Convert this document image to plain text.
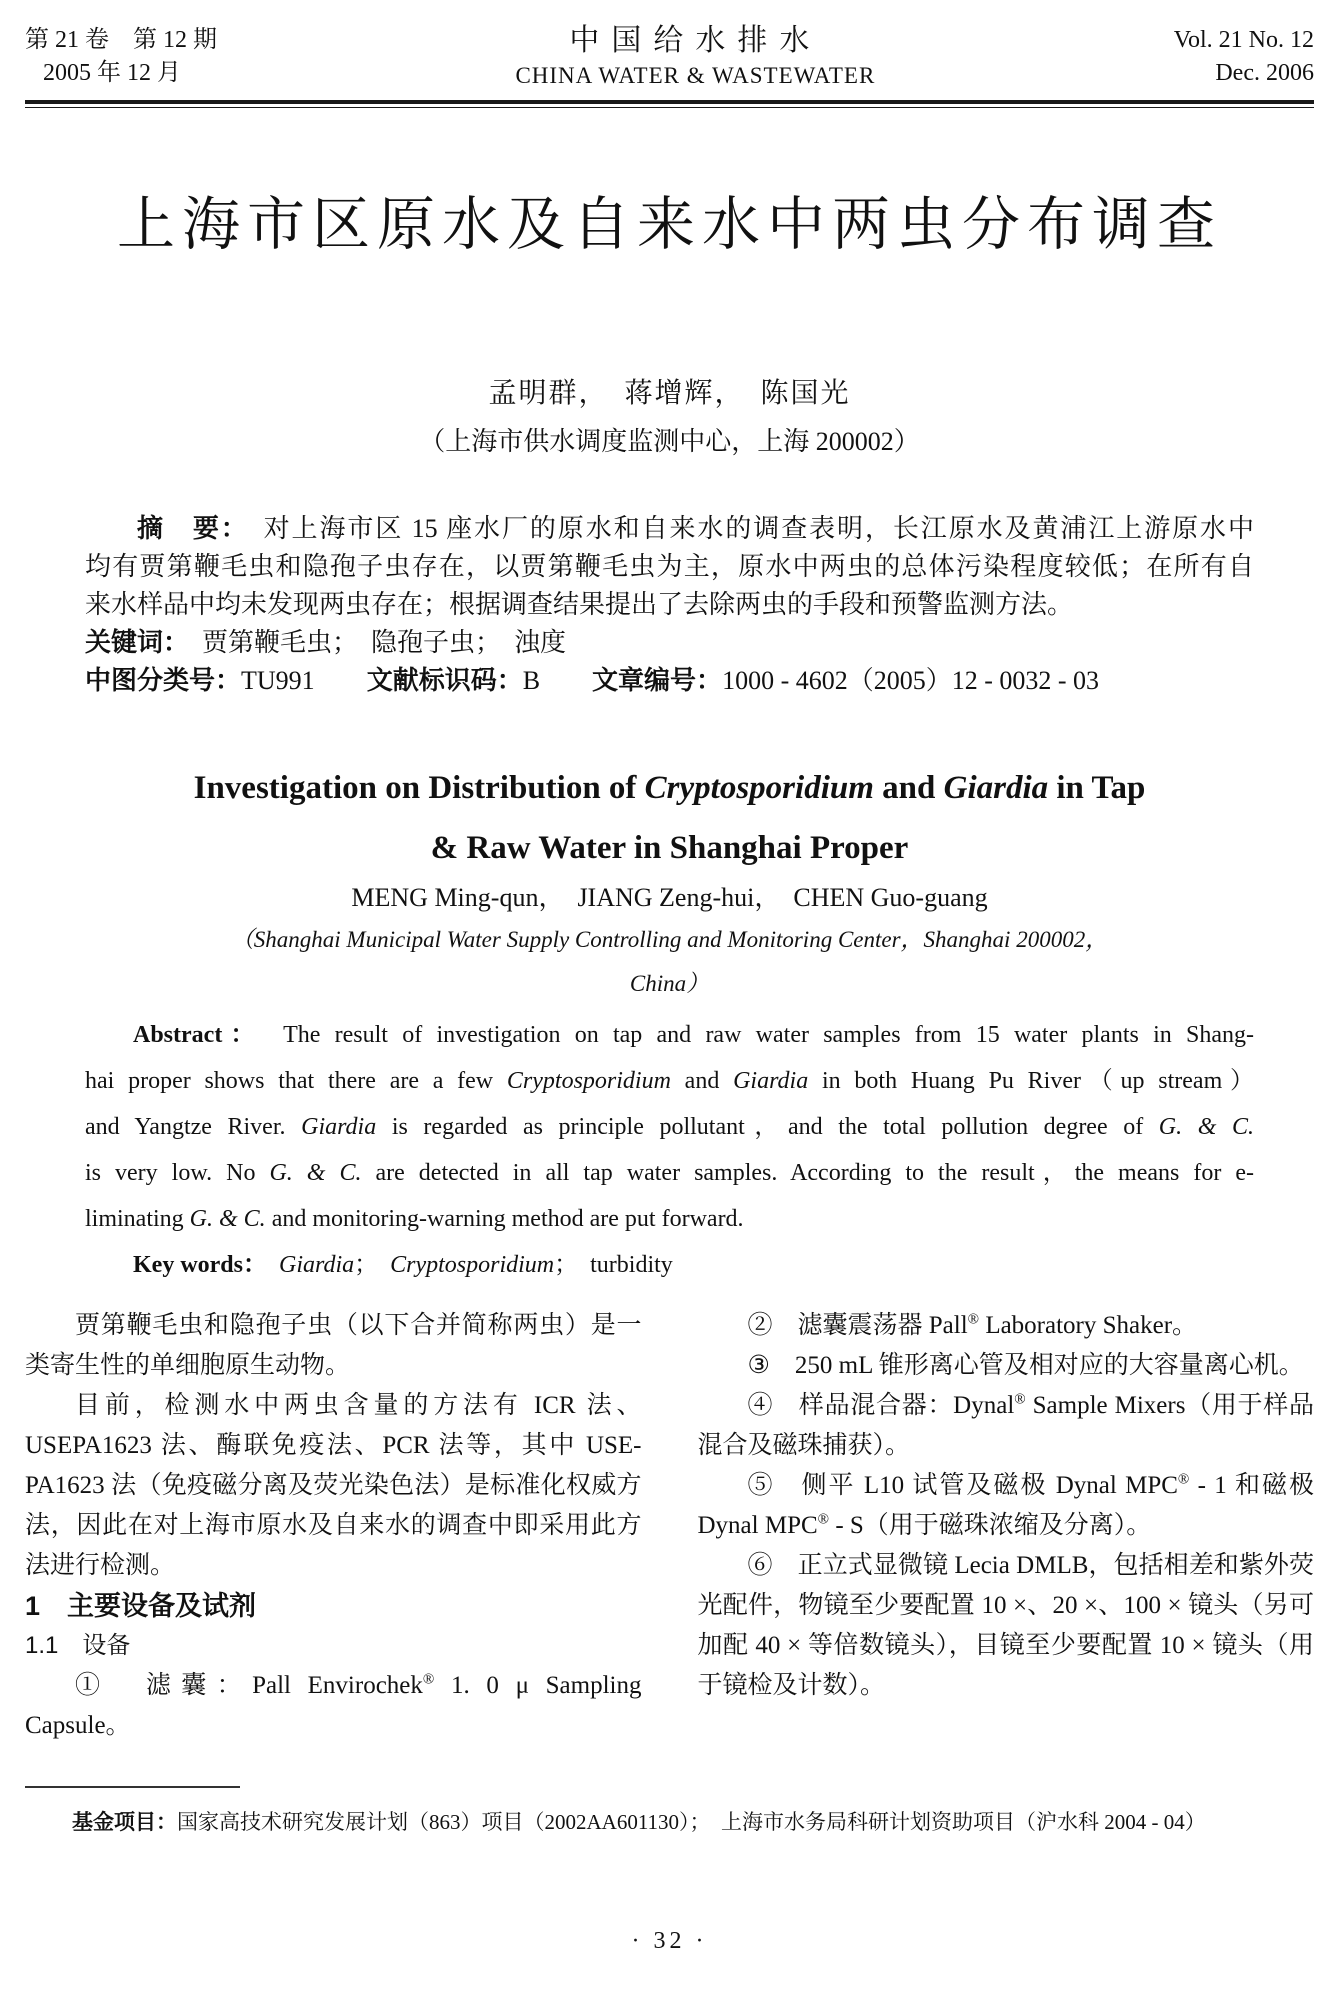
第 21 卷　第 12 期
2005 年 12 月
中国给水排水
CHINA WATER & WASTEWATER
Vol. 21 No. 12
Dec. 2006
上海市区原水及自来水中两虫分布调查
孟明群，　蒋增辉，　陈国光
（上海市供水调度监测中心，上海 200002）
摘　要：　对上海市区 15 座水厂的原水和自来水的调查表明，长江原水及黄浦江上游原水中
均有贾第鞭毛虫和隐孢子虫存在，以贾第鞭毛虫为主，原水中两虫的总体污染程度较低；在所有自
来水样品中均未发现两虫存在；根据调查结果提出了去除两虫的手段和预警监测方法。
关键词：　贾第鞭毛虫；　隐孢子虫；　浊度
中图分类号：TU991　　文献标识码：B　　文章编号：1000 - 4602（2005）12 - 0032 - 03
Investigation on Distribution of Cryptosporidium and Giardia in Tap
& Raw Water in Shanghai Proper
MENG Ming-qun，　JIANG Zeng-hui，　CHEN Guo-guang
（Shanghai Municipal Water Supply Controlling and Monitoring Center，Shanghai 200002，
China）
Abstract：　The result of investigation on tap and raw water samples from 15 water plants in Shang-
hai proper shows that there are a few Cryptosporidium and Giardia in both Huang Pu River（up stream）
and Yangtze River. Giardia is regarded as principle pollutant，and the total pollution degree of G. & C.
is very low. No G. & C. are detected in all tap water samples. According to the result，the means for e-
liminating G. & C. and monitoring-warning method are put forward.
Key words：　 Giardia；　Cryptosporidium；　turbidity
贾第鞭毛虫和隐孢子虫（以下合并简称两虫）是一类寄生性的单细胞原生动物。
目前，检测水中两虫含量的方法有 ICR 法、USEPA1623 法、酶联免疫法、PCR 法等，其中 USE-PA1623 法（免疫磁分离及荧光染色法）是标准化权威方法，因此在对上海市原水及自来水的调查中即采用此方法进行检测。
1　主要设备及试剂
1.1　设备
①　滤囊：Pall Envirochek® 1. 0 μ Sampling Capsule。
②　滤囊震荡器 Pall® Laboratory Shaker。
③　250 mL 锥形离心管及相对应的大容量离心机。
④　样品混合器：Dynal® Sample Mixers（用于样品混合及磁珠捕获）。
⑤　侧平 L10 试管及磁极 Dynal MPC® - 1 和磁极 Dynal MPC® - S（用于磁珠浓缩及分离）。
⑥　正立式显微镜 Lecia DMLB，包括相差和紫外荧光配件，物镜至少要配置 10 ×、20 ×、100 × 镜头（另可加配 40 × 等倍数镜头），目镜至少要配置 10 × 镜头（用于镜检及计数）。
基金项目：国家高技术研究发展计划（863）项目（2002AA601130）；　上海市水务局科研计划资助项目（沪水科 2004 - 04）
· 32 ·
